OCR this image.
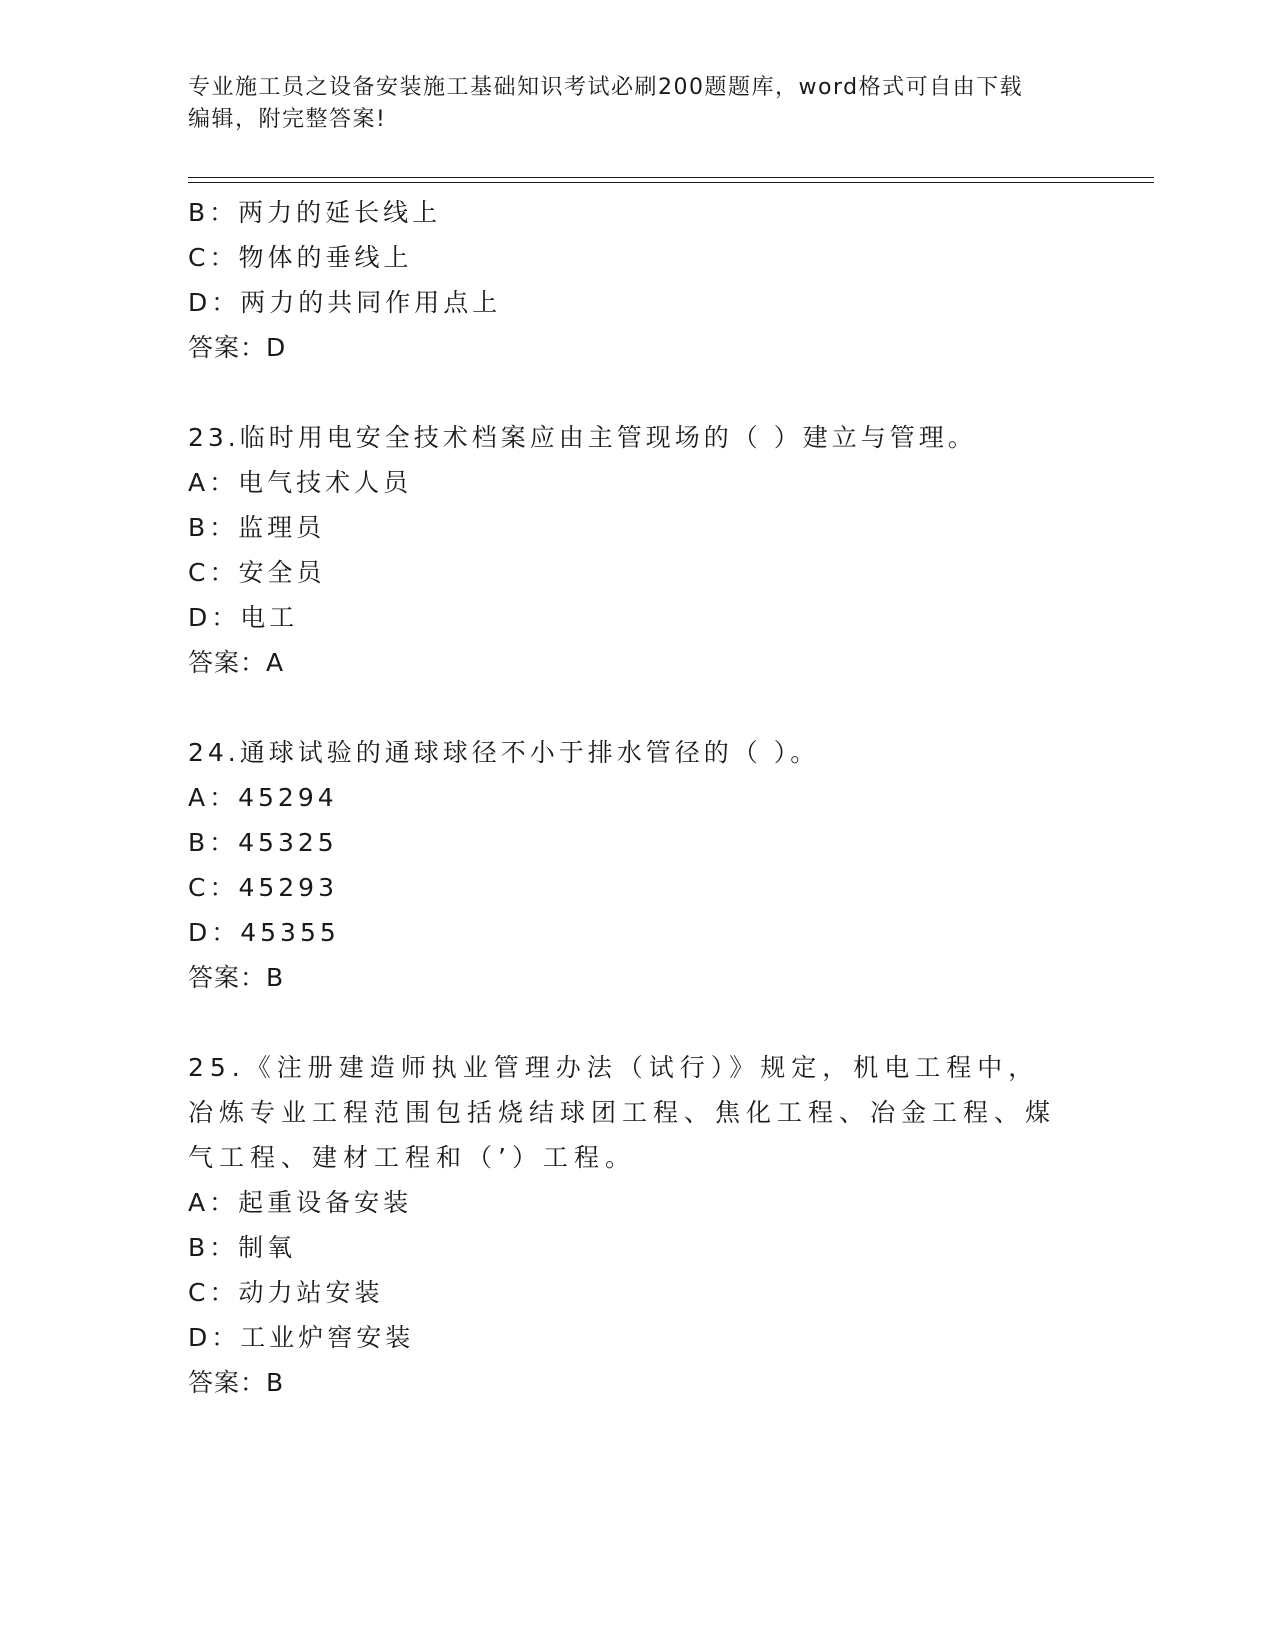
专业施工员之设备安装施工基础知识考试必刷200题题库，word格式可自由下载
编辑，附完整答案!
B：两力的延长线上
C：物体的垂线上
D：两力的共同作用点上
答案：D
23.临时用电安全技术档案应由主管现场的（ ）建立与管理。
A：电气技术人员
B：监理员
C：安全员
D：电工
答案：A
24.通球试验的通球球径不小于排水管径的（ ）。
A：45294
B：45325
C：45293
D：45355
答案：B
25.《注册建造师执业管理办法（试行）》规定，机电工程中，冶炼专业工程范围包括烧结球团工程、焦化工程、冶金工程、煤气工程、建材工程和（’）工程。
A：起重设备安装
B：制氧
C：动力站安装
D：工业炉窖安装
答案：B
